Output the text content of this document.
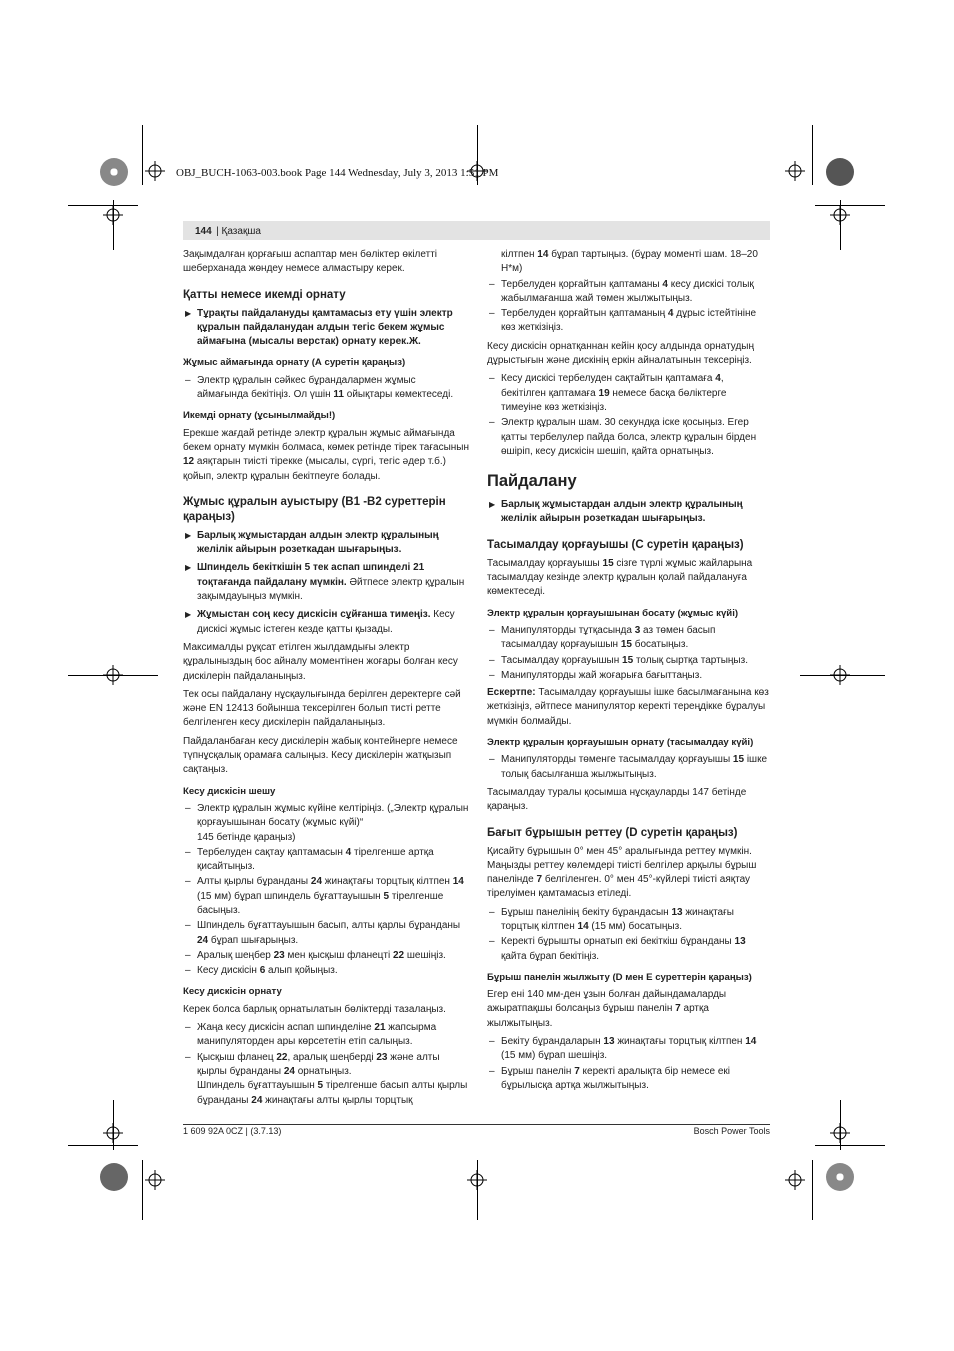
OBJ_BUCH-1063-003.book Page 144 Wednesday, July 3, 2013 1:51 PM
144 | Қазақша

Зақымдалған қорғағыш аспаптар мен бөліктер өкілетті шеберханада жөндеу немесе алмастыру керек.

Қатты немесе икемді орнату
▶ Тұрақты пайдалануды қамтамасыз ету үшін электр құралын пайдаланудан алдын тегіс бекем жұмыс аймағына (мысалы верстак) орнату керек.Ж.
Жұмыс аймағында орнату (А суретін қараңыз)
– Электр құралын сәйкес бұрандалармен жұмыс аймағында бекітіңіз. Ол үшін 11 ойықтары көмектеседі.
Икемді орнату (ұсынылмайды!)

Ерекше жағдай ретінде электр құралын жұмыс аймағында бекем орнату мүмкін болмаса, көмек ретінде тірек тағасынын 12 аяқтарын тиісті тірекке (мысалы, сүргі, тегіс әдер т.б.) қойып, электр құралын бекітпеуге болады.

Жұмыс құралын ауыстыру (В1 -В2 суреттерін қараңыз)
▶ Барлық жұмыстардан алдын электр құралының желілік айырын розеткадан шығарыңыз.
▶ Шпиндель бекіткішін 5 тек аспап шпинделі 21 тоқтағанда пайдалану мүмкін. Әйтпесе электр құралын зақымдауыңыз мүмкін.
▶ Жұмыстан соң кесу дискісін сұйғанша тимеңіз. Кесу дискісі жұмыс істеген кезде қатты қызады.

Максималды рұқсат етілген жылдамдығы электр құралыныздың бос айналу моментінен жоғары болған кесу дискілерін пайдаланыңыз.

Тек осы пайдалану нұсқаулығында берілген деректерге сәй және EN 12413 бойынша тексерілген болып тисті ретте белгіленген кесу дискілерін пайдаланыңыз.

Пайдаланбаған кесу дискілерін жабық контейнерге немесе түпнұсқалық орамаға салыңыз. Кесу дискілерін жатқызып сақтаңыз.

Кесу дискісін шешу
– Электр құралын жұмыс күйіне келтіріңіз. („Электр құралын қорғауышынан босату (жұмыс күйі)“
145 бетінде қараңыз)
– Тербелуден сақтау қаптамасын 4 тірелгенше артқа қисайтыңыз.
– Алты қырлы бұранданы 24 жинақтағы торцтық кілтпен 14 (15 мм) бұрап шпиндель бұғаттауышын 5 тірелгенше басыңыз.
– Шпиндель бұғаттауышын басып, алты қарлы бұранданы 24 бұрап шығарыңыз.
– Аралық шеңбер 23 мен қысқыш фланецті 22 шешіңіз.
– Кесу дискісін 6 алып қойыңыз.
Кесу дискісін орнату

Керек болса барлық орнатылатын бөліктерді тазалаңыз.

– Жаңа кесу дискісін аспап шпинделіне 21 жапсырма манипуляторден ары көрсететін етіп салыңыз.
– Қысқыш фланец 22, аралық шеңберді 23 және алты қырлы бұранданы 24 орнатыңыз.
Шпиндель бұғаттауышын 5 тірелгенше басып алты қырлы бұранданы 24 жинақтағы алты қырлы торцтық
кілтпен 14 бұрап тартыңыз. (бұрау моменті шам. 18–20 Н*м)
– Тербелуден қорғайтын қаптаманы 4 кесу дискісі толық жабылмағанша жай төмен жылжытыңыз.
– Тербелуден қорғайтын қаптаманың 4 дұрыс істейтініне көз жеткізіңіз.

Кесу дискісін орнатқаннан кейін қосу алдында орнатудың дұрыстығын және дискінің еркін айналатынын тексеріңіз.

– Кесу дискісі тербелуден сақтайтын қаптамаға 4, бекітілген қаптамаға 19 немесе басқа бөліктерге тимеуіне көз жеткізіңіз.
– Электр құралын шам. 30 секундқа іске қосыңыз. Егер қатты тербелулер пайда болса, электр құралын бірден өшіріп, кесу дискісін шешіп, қайта орнатыңыз.
Пайдалану
▶ Барлық жұмыстардан алдын электр құралының желілік айырын розеткадан шығарыңыз.
Тасымалдау қорғауышы (С суретін қараңыз)

Тасымалдау қорғауышы 15 сізге түрлі жұмыс жайларына тасымалдау кезінде электр құралын қолай пайдалануға көмектеседі.

Электр құралын қорғауышынан босату (жұмыс күйі)
– Манипуляторды тұтқасында 3 аз төмен басып тасымалдау қорғауышын 15 босатыңыз.
– Тасымалдау қорғауышын 15 толық сыртқа тартыңыз.
– Манипуляторды жай жоғарыға бағыттаңыз.

Ескертпе: Тасымалдау қорғауышы ішке басылмағанына көз жеткізіңіз, әйтпесе манипулятор керекті тереңдікке бұралуы мүмкін болмайды.

Электр құралын қорғауышын орнату (тасымалдау күйі)
– Манипуляторды төменге тасымалдау қорғауышы 15 ішке толық басылғанша жылжытыңыз.

Тасымалдау туралы қосымша нұсқауларды 147 бетінде қараңыз.

Бағыт бұрышын реттеу (D суретін қараңыз)

Қисайту бұрышын 0° мен 45° аралығында реттеу мүмкін. Маңызды реттеу көлемдері тиісті белгілер арқылы бұрыш панеліндe 7 белгіленген. 0° мен 45°-күйлері тиісті аяқтау тірелуімен қамтамасыз етіледі.

– Бұрыш панелінің бекіту бұрандасын 13 жинақтағы торцтық кілтпен 14 (15 мм) босатыңыз.
– Керекті бұрышты орнатып екі бекіткіш бұранданы 13 қайта бұрап бекітіңіз.
Бұрыш панелін жылжыту (D мен E суреттерін қараңыз)

Егер ені 140 мм-ден ұзын болған дайындамаларды ажыратпақшы болсаңыз бұрыш панелін 7 артқа жылжытыңыз.

– Бекіту бұрандаларын 13 жинақтағы торцтық кілтпен 14 (15 мм) бұрап шешіңіз.
– Бұрыш панелін 7 керекті аралықта бір немесе екі бұрылысқа артқа жылжытыңыз.
1 609 92A 0CZ | (3.7.13)	Bosch Power Tools
